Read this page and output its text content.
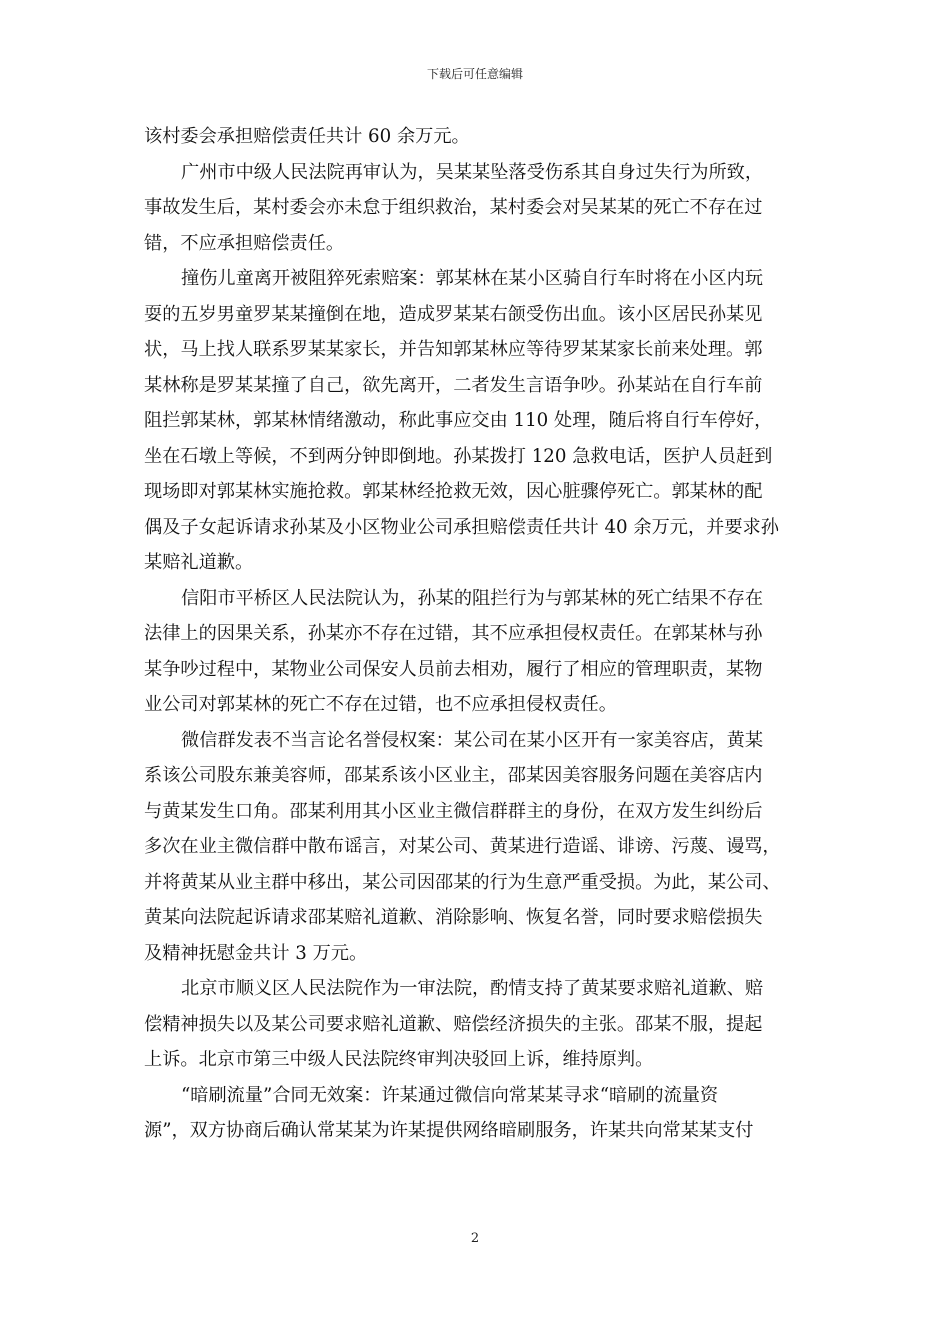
下载后可任意编辑
该村委会承担赔偿责任共计 60 余万元。
广州市中级人民法院再审认为，吴某某坠落受伤系其自身过失行为所致，
事故发生后，某村委会亦未怠于组织救治，某村委会对吴某某的死亡不存在过
错，不应承担赔偿责任。
撞伤儿童离开被阻猝死索赔案：郭某林在某小区骑自行车时将在小区内玩
耍的五岁男童罗某某撞倒在地，造成罗某某右颌受伤出血。该小区居民孙某见
状，马上找人联系罗某某家长，并告知郭某林应等待罗某某家长前来处理。郭
某林称是罗某某撞了自己，欲先离开，二者发生言语争吵。孙某站在自行车前
阻拦郭某林，郭某林情绪激动，称此事应交由 110 处理，随后将自行车停好，
坐在石墩上等候，不到两分钟即倒地。孙某拨打 120 急救电话，医护人员赶到
现场即对郭某林实施抢救。郭某林经抢救无效，因心脏骤停死亡。郭某林的配
偶及子女起诉请求孙某及小区物业公司承担赔偿责任共计 40 余万元，并要求孙
某赔礼道歉。
信阳市平桥区人民法院认为，孙某的阻拦行为与郭某林的死亡结果不存在
法律上的因果关系，孙某亦不存在过错，其不应承担侵权责任。在郭某林与孙
某争吵过程中，某物业公司保安人员前去相劝，履行了相应的管理职责，某物
业公司对郭某林的死亡不存在过错，也不应承担侵权责任。
微信群发表不当言论名誉侵权案：某公司在某小区开有一家美容店，黄某
系该公司股东兼美容师，邵某系该小区业主，邵某因美容服务问题在美容店内
与黄某发生口角。邵某利用其小区业主微信群群主的身份，在双方发生纠纷后
多次在业主微信群中散布谣言，对某公司、黄某进行造谣、诽谤、污蔑、谩骂，
并将黄某从业主群中移出，某公司因邵某的行为生意严重受损。为此，某公司、
黄某向法院起诉请求邵某赔礼道歉、消除影响、恢复名誉，同时要求赔偿损失
及精神抚慰金共计 3 万元。
北京市顺义区人民法院作为一审法院，酌情支持了黄某要求赔礼道歉、赔
偿精神损失以及某公司要求赔礼道歉、赔偿经济损失的主张。邵某不服，提起
上诉。北京市第三中级人民法院终审判决驳回上诉，维持原判。
“暗刷流量”合同无效案：许某通过微信向常某某寻求“暗刷的流量资
源”，双方协商后确认常某某为许某提供网络暗刷服务，许某共向常某某支付
2
